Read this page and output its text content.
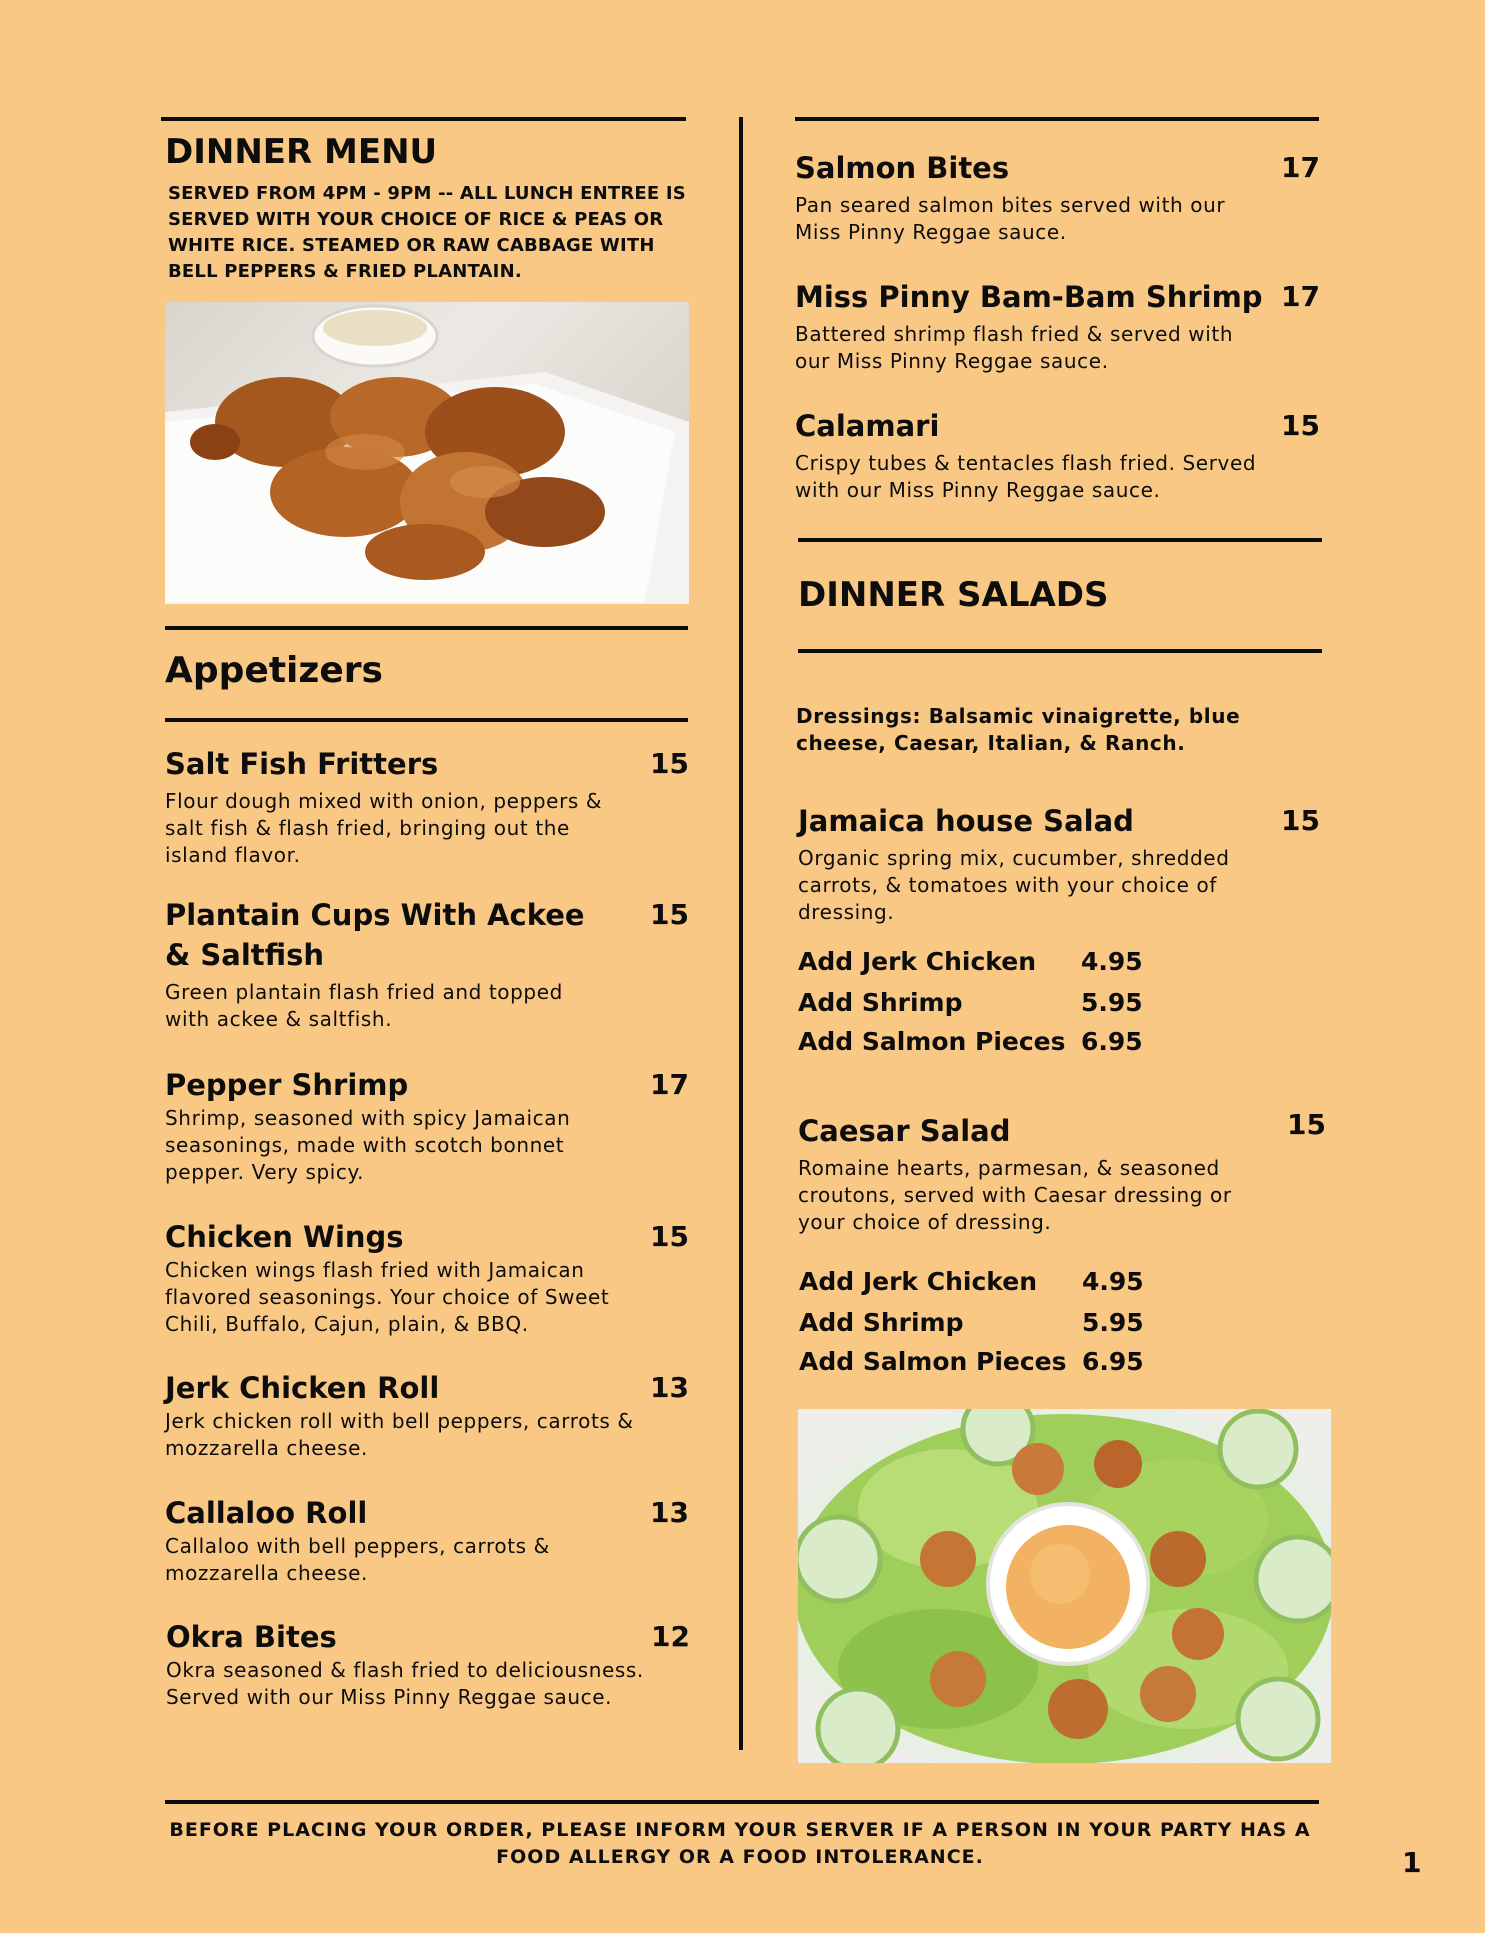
DINNER MENU
SERVED FROM 4PM - 9PM -- ALL LUNCH ENTREE IS SERVED WITH YOUR CHOICE OF RICE & PEAS OR WHITE RICE. STEAMED OR RAW CABBAGE WITH BELL PEPPERS & FRIED PLANTAIN.
Appetizers
Salt Fish Fritters	15
Flour dough mixed with onion, peppers & salt fish & flash fried, bringing out the island flavor.
Plantain Cups With Ackee & Saltfish
15
Green plantain flash fried and topped with ackee & saltfish.
Pepper Shrimp	17
Shrimp, seasoned with spicy Jamaican seasonings, made with scotch bonnet pepper. Very spicy.
Chicken Wings	15
Chicken wings flash fried with Jamaican flavored seasonings. Your choice of Sweet Chili, Buffalo, Cajun, plain, & BBQ.
Jerk Chicken Roll	13
Jerk chicken roll with bell peppers, carrots & mozzarella cheese.
Callaloo Roll	13
Callaloo with bell peppers, carrots & mozzarella cheese.
Okra Bites	12
Okra seasoned & flash fried to deliciousness. Served with our Miss Pinny Reggae sauce.
Salmon Bites	17
Pan seared salmon bites served with our Miss Pinny Reggae sauce.
Miss Pinny Bam-Bam Shrimp 17
Battered shrimp flash fried & served with our Miss Pinny Reggae sauce.
Calamari	15
Crispy tubes & tentacles flash fried. Served with our Miss Pinny Reggae sauce.
DINNER SALADS
Dressings: Balsamic vinaigrette, blue cheese, Caesar, Italian, & Ranch.
Jamaica house Salad	15
Organic spring mix, cucumber, shredded carrots, & tomatoes with your choice of dressing.
Add Jerk Chicken	4.95
Add Shrimp	5.95
Add Salmon Pieces 6.95
Caesar Salad	15
Romaine hearts, parmesan, & seasoned croutons, served with Caesar dressing or your choice of dressing.
Add Jerk Chicken	4.95
Add Shrimp	5.95
Add Salmon Pieces 6.95
BEFORE PLACING YOUR ORDER, PLEASE INFORM YOUR SERVER IF A PERSON IN YOUR PARTY HAS A FOOD ALLERGY OR A FOOD INTOLERANCE.	1
